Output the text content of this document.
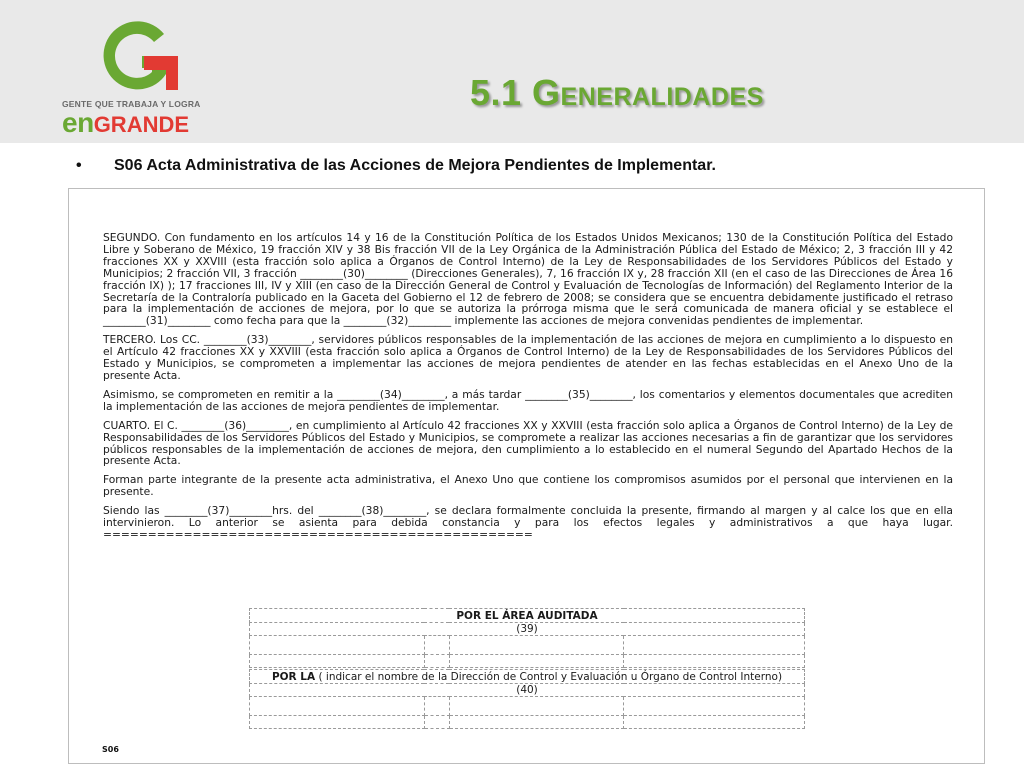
GENTE QUE TRABAJA Y LOGRA
enGRANDE
5.1 Generalidades
• S06 Acta Administrativa de las Acciones de Mejora Pendientes de Implementar.

SEGUNDO. Con fundamento en los artículos 14 y 16 de la Constitución Política de los Estados Unidos Mexicanos; 130 de la Constitución Política del Estado Libre y Soberano de México, 19 fracción XIV y 38 Bis fracción VII de la Ley Orgánica de la Administración Pública del Estado de México; 2, 3 fracción III y 42 fracciones XX y XXVIII (esta fracción solo aplica a Órganos de Control Interno) de la Ley de Responsabilidades de los Servidores Públicos del Estado y Municipios; 2 fracción VII, 3 fracción ________(30)________ (Direcciones Generales), 7, 16 fracción IX y, 28 fracción XII (en el caso de las Direcciones de Área 16 fracción IX) ); 17 fracciones III, IV y XIII (en caso de la Dirección General de Control y Evaluación de Tecnologías de Información) del Reglamento Interior de la Secretaría de la Contraloría publicado en la Gaceta del Gobierno el 12 de febrero de 2008; se considera que se encuentra debidamente justificado el retraso para la implementación de acciones de mejora, por lo que se autoriza la prórroga misma que le será comunicada de manera oficial y se establece el ________(31)________ como fecha para que la ________(32)________ implemente las acciones de mejora convenidas pendientes de implementar.

TERCERO. Los CC. ________(33)________, servidores públicos responsables de la implementación de las acciones de mejora en cumplimiento a lo dispuesto en el Artículo 42 fracciones XX y XXVIII (esta fracción solo aplica a Órganos de Control Interno) de la Ley de Responsabilidades de los Servidores Públicos del Estado y Municipios, se comprometen a implementar las acciones de mejora pendientes de atender en las fechas establecidas en el Anexo Uno de la presente Acta.

Asimismo, se comprometen en remitir a la ________(34)________, a más tardar ________(35)________, los comentarios y elementos documentales que acrediten la implementación de las acciones de mejora pendientes de implementar.

CUARTO. El C. ________(36)________, en cumplimiento al Artículo 42 fracciones XX y XXVIII (esta fracción solo aplica a Órganos de Control Interno) de la Ley de Responsabilidades de los Servidores Públicos del Estado y Municipios, se compromete a realizar las acciones necesarias a fin de garantizar que los servidores públicos responsables de la implementación de acciones de mejora, den cumplimiento a lo establecido en el numeral Segundo del Apartado Hechos de la presente Acta.

Forman parte integrante de la presente acta administrativa, el Anexo Uno que contiene los compromisos asumidos por el personal que intervienen en la presente.

Siendo las ________(37)________hrs. del ________(38)________, se declara formalmente concluida la presente, firmando al margen y al calce los que en ella intervinieron. Lo anterior se asienta para debida constancia y para los efectos legales y administrativos a que haya lugar. ================================================

POR EL ÁREA AUDITADA			
(39)			

POR LA ( indicar el nombre de la Dirección de Control y Evaluación u Órgano de Control Interno)			
(40)			

S06
